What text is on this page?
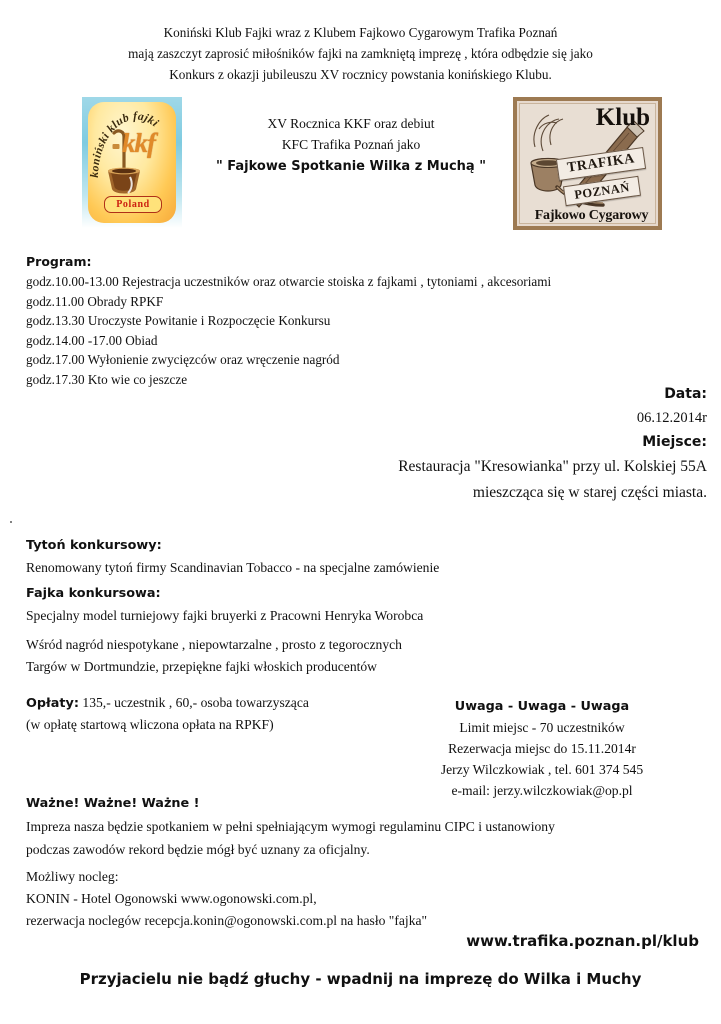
Koniński Klub Fajki wraz z Klubem Fajkowo Cygarowym Trafika Poznań
mają zaszczyt zaprosić miłośników fajki na zamkniętą imprezę , która odbędzie się jako
Konkurs z okazji jubileuszu XV rocznicy powstania konińskiego Klubu.
koniński klub fajki
kkf
Poland
XV Rocznica KKF oraz debiut
KFC Trafika Poznań jako
" Fajkowe Spotkanie Wilka z Muchą "
Klub
TRAFIKA
POZNAŃ
Fajkowo Cygarowy
Program:
godz.10.00-13.00 Rejestracja uczestników oraz otwarcie stoiska z fajkami , tytoniami , akcesoriami
godz.11.00 Obrady RPKF
godz.13.30 Uroczyste Powitanie i Rozpoczęcie Konkursu
godz.14.00 -17.00 Obiad
godz.17.00 Wyłonienie zwycięzców oraz wręczenie nagród
godz.17.30 Kto wie co jeszcze
Data:
06.12.2014r
Miejsce:
Restauracja "Kresowianka" przy ul. Kolskiej 55A
mieszcząca się w starej części miasta.
Tytoń konkursowy:
Renomowany tytoń firmy Scandinavian Tobacco - na specjalne zamówienie
Fajka konkursowa:
Specjalny model turniejowy fajki bruyerki z Pracowni Henryka Worobca
Wśród nagród niespotykane , niepowtarzalne , prosto z tegorocznych
Targów w Dortmundzie, przepiękne fajki włoskich producentów
Opłaty: 135,- uczestnik , 60,- osoba towarzysząca
(w opłatę startową wliczona opłata na RPKF)
Uwaga - Uwaga - Uwaga
Limit miejsc - 70 uczestników
Rezerwacja miejsc do 15.11.2014r
Jerzy Wilczkowiak , tel. 601 374 545
e-mail: jerzy.wilczkowiak@op.pl
Ważne! Ważne! Ważne !
Impreza nasza będzie spotkaniem w pełni spełniającym wymogi regulaminu CIPC i ustanowiony
podczas zawodów rekord będzie mógł być uznany za oficjalny.
Możliwy nocleg:
KONIN - Hotel Ogonowski www.ogonowski.com.pl,
rezerwacja noclegów recepcja.konin@ogonowski.com.pl na hasło "fajka"
www.trafika.poznan.pl/klub
Przyjacielu nie bądź głuchy - wpadnij na imprezę do Wilka i Muchy
